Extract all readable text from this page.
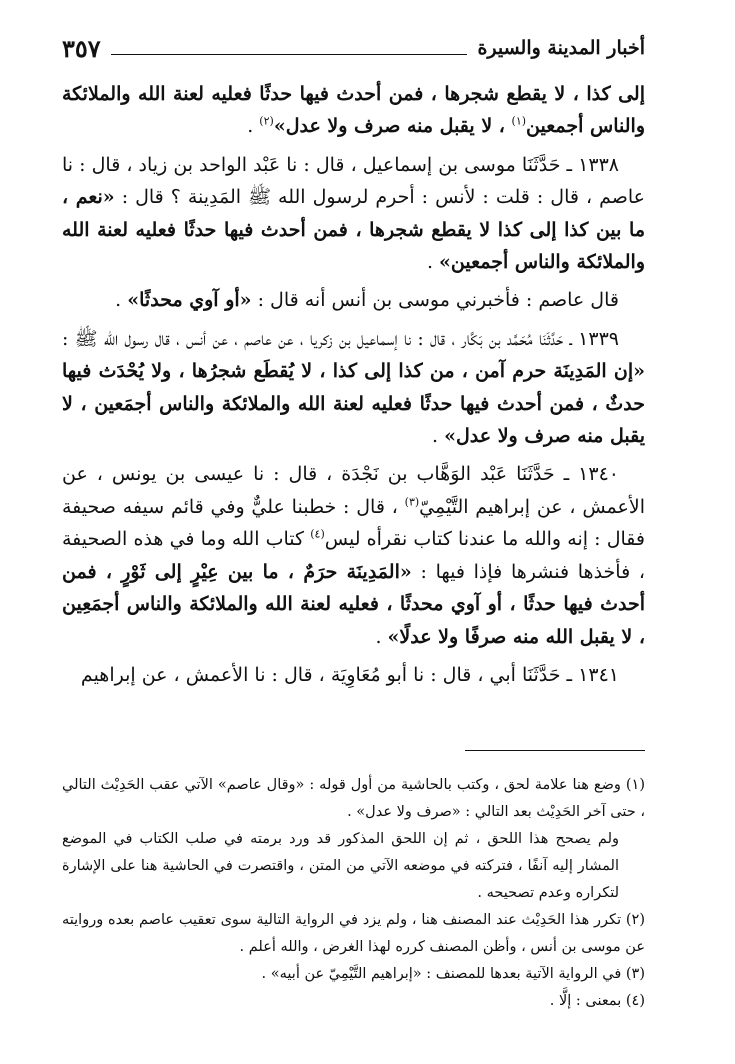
أخبار المدينة والسيرة
٣٥٧

إلى كذا ، لا يقطع شجرها ، فمن أحدث فيها حدثًا فعليه لعنة الله والملائكة والناس أجمعين$^{(١)}$ ، لا يقبل منه صرف ولا عدل»$^{(٢)}$ .

١٣٣٨ ـ حَدَّثَنَا موسى بن إسماعيل ، قال : نا عَبْد الواحد بن زياد ، قال : نا عاصم ، قال : قلت : لأنس : أحرم لرسول الله ﷺ المَدِينة ؟ قال : «نعم ، ما بين كذا إلى كذا لا يقطع شجرها ، فمن أحدث فيها حدثًا فعليه لعنة الله والملائكة والناس أجمعين» .

قال عاصم : فأخبرني موسى بن أنس أنه قال : «أو آوي محدثًا» .

١٣٣٩ ـ حَدَّثَنَا مُحَمَّد بن بَكَّار ، قال : نا إسماعيل بن زكريا ، عن عاصم ، عن أنس ، قال رسول الله ﷺ : «إن المَدِينَة حرم آمن ، من كذا إلى كذا ، لا يُقطَع شجرُها ، ولا يُحْدَث فيها حدثٌ ، فمن أحدث فيها حدثًا فعليه لعنة الله والملائكة والناس أجمَعين ، لا يقبل منه صرف ولا عدل» .

١٣٤٠ ـ حَدَّثَنَا عَبْد الوَهَّاب بن نَجْدَة ، قال : نا عيسى بن يونس ، عن الأعمش ، عن إبراهيم التَّيْمِيّ$^{(٣)}$ ، قال : خطبنا عليٌّ وفي قائم سيفه صحيفة فقال : إنه والله ما عندنا كتاب نقرأه ليس$^{(٤)}$ كتاب الله وما في هذه الصحيفة ، فأخذها فنشرها فإذا فيها : «المَدِينَة حرَمٌ ، ما بين عِيْرٍ إلى ثَوْرٍ ، فمن أحدث فيها حدثًا ، أو آوي محدثًا ، فعليه لعنة الله والملائكة والناس أجمَعِين ، لا يقبل الله منه صرفًا ولا عدلًا» .

١٣٤١ ـ حَدَّثَنَا أبي ، قال : نا أبو مُعَاوِيَة ، قال : نا الأعمش ، عن إبراهيم

(١) وضع هنا علامة لحق ، وكتب بالحاشية من أول قوله : «وقال عاصم» الآتي عقب الحَدِيْث التالي ، حتى آخر الحَدِيْث بعد التالي : «صرف ولا عدل» .

ولم يصحح هذا اللحق ، ثم إن اللحق المذكور قد ورد برمته في صلب الكتاب في الموضع المشار إليه آنفًا ، فتركته في موضعه الآتي من المتن ، واقتصرت في الحاشية هنا على الإشارة لتكراره وعدم تصحيحه .

(٢) تكرر هذا الحَدِيْث عند المصنف هنا ، ولم يزد في الرواية التالية سوى تعقيب عاصم بعده وروايته عن موسى بن أنس ، وأظن المصنف كرره لهذا الغرض ، والله أعلم .

(٣) في الرواية الآتية بعدها للمصنف : «إبراهيم التَّيْمِيّ عن أبيه» .

(٤) بمعنى : إلَّا .
